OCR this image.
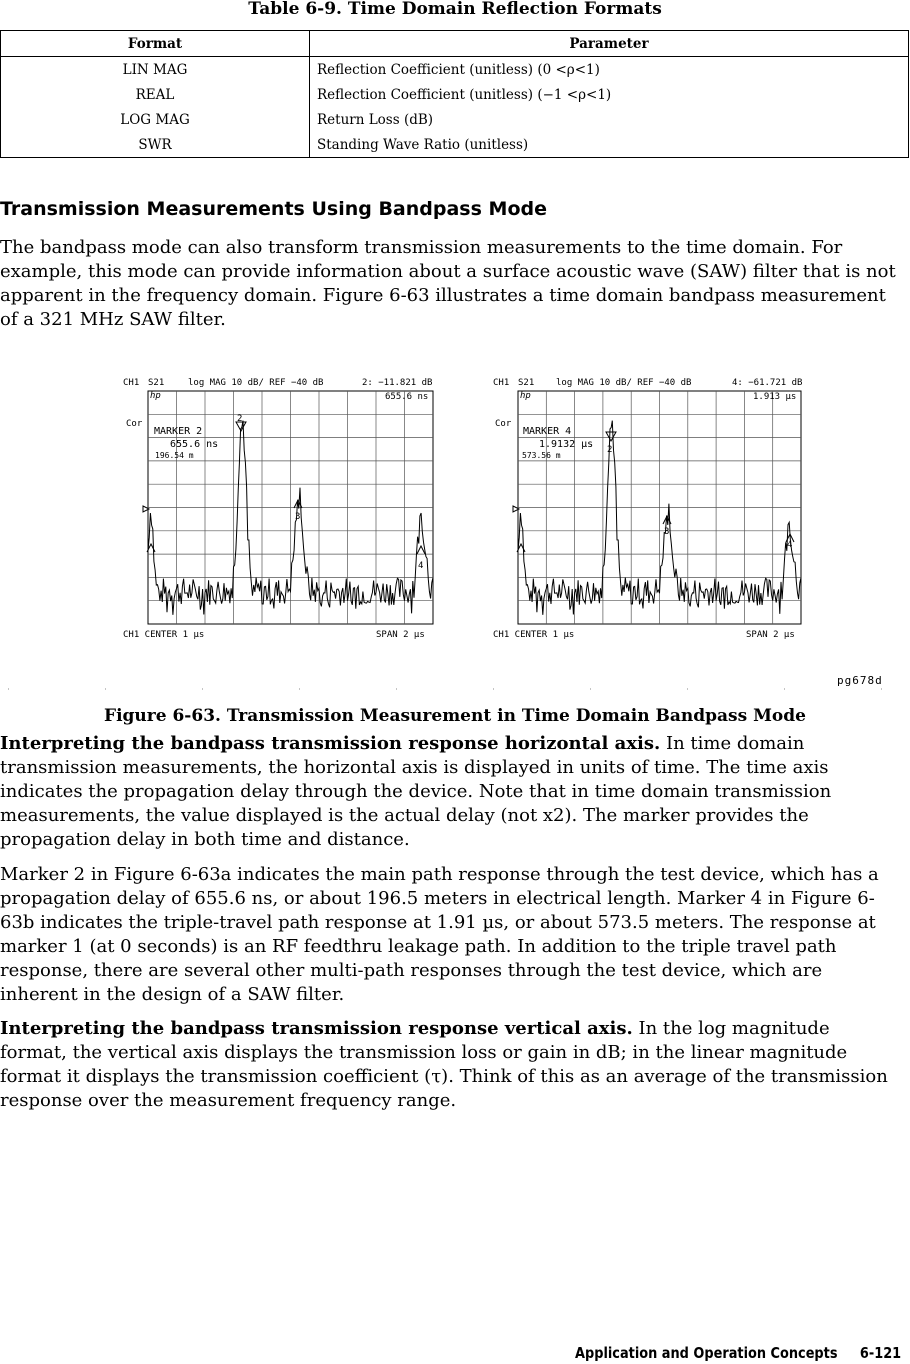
Table 6-9. Time Domain Reflection Formats
Format	Parameter
LIN MAG	Reflection Coefficient (unitless) (0 <ρ<1)
REAL	Reflection Coefficient (unitless) (−1 <ρ<1)
LOG MAG	Return Loss (dB)
SWR	Standing Wave Ratio (unitless)
Transmission Measurements Using Bandpass Mode

The bandpass mode can also transform transmission measurements to the time domain. For example, this mode can provide information about a surface acoustic wave (SAW) filter that is not apparent in the frequency domain. Figure 6-63 illustrates a time domain bandpass measurement of a 321 MHz SAW filter.

2
3
4
2
3
4
CH1 S21	log MAG 10 dB/ REF −40 dB	2: −11.821 dB
hp	655.6 ns
Cor
MARKER 2
655.6 ns
196.54 m
CH1 CENTER 1 µs	SPAN 2 µs
CH1 S21 log MAG 10 dB/ REF −40 dB	4: −61.721 dB
hp	1.913 µs
Cor
MARKER 4
1.9132 µs
573.56 m
CH1 CENTER 1 µs	SPAN 2 µs
pg678d
Figure 6-63. Transmission Measurement in Time Domain Bandpass Mode

Interpreting the bandpass transmission response horizontal axis. In time domain transmission measurements, the horizontal axis is displayed in units of time. The time axis indicates the propagation delay through the device. Note that in time domain transmission measurements, the value displayed is the actual delay (not x2). The marker provides the propagation delay in both time and distance.

Marker 2 in Figure 6-63a indicates the main path response through the test device, which has a propagation delay of 655.6 ns, or about 196.5 meters in electrical length. Marker 4 in Figure 6-63b indicates the triple-travel path response at 1.91 µs, or about 573.5 meters. The response at marker 1 (at 0 seconds) is an RF feedthru leakage path. In addition to the triple travel path response, there are several other multi-path responses through the test device, which are inherent in the design of a SAW filter.

Interpreting the bandpass transmission response vertical axis. In the log magnitude format, the vertical axis displays the transmission loss or gain in dB; in the linear magnitude format it displays the transmission coefficient (τ). Think of this as an average of the transmission response over the measurement frequency range.

Application and Operation Concepts 6-121
